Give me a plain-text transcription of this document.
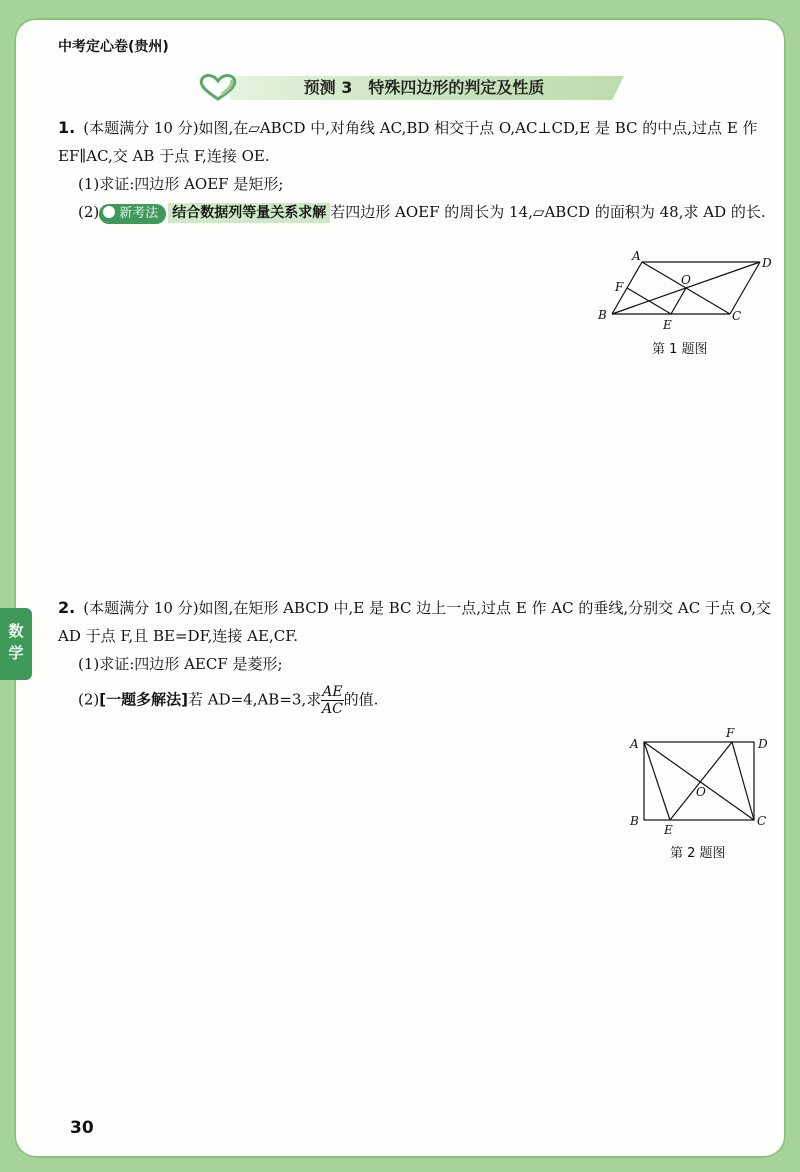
中考定心卷(贵州)
预测 3　特殊四边形的判定及性质

1. (本题满分 10 分)如图,在▱ABCD 中,对角线 AC,BD 相交于点 O,AC⊥CD,E 是 BC 的中点,过点 E 作 EF∥AC,交 AB 于点 F,连接 OE.

(1)求证:四边形 AOEF 是矩形;

(2) 新考法 结合数据列等量关系求解 若四边形 AOEF 的周长为 14,▱ABCD 的面积为 48,求 AD 的长.

A	D
B	C
O
F
E
第 1 题图

2. (本题满分 10 分)如图,在矩形 ABCD 中,E 是 BC 边上一点,过点 E 作 AC 的垂线,分别交 AC 于点 O,交 AD 于点 F,且 BE=DF,连接 AE,CF.

(1)求证:四边形 AECF 是菱形;

(2)[一题多解法]若 AD=4,AB=3,求 $\frac{AE}{AC}$ 的值.

A	D
F
B	C
E
O
第 2 题图
数
学
30
